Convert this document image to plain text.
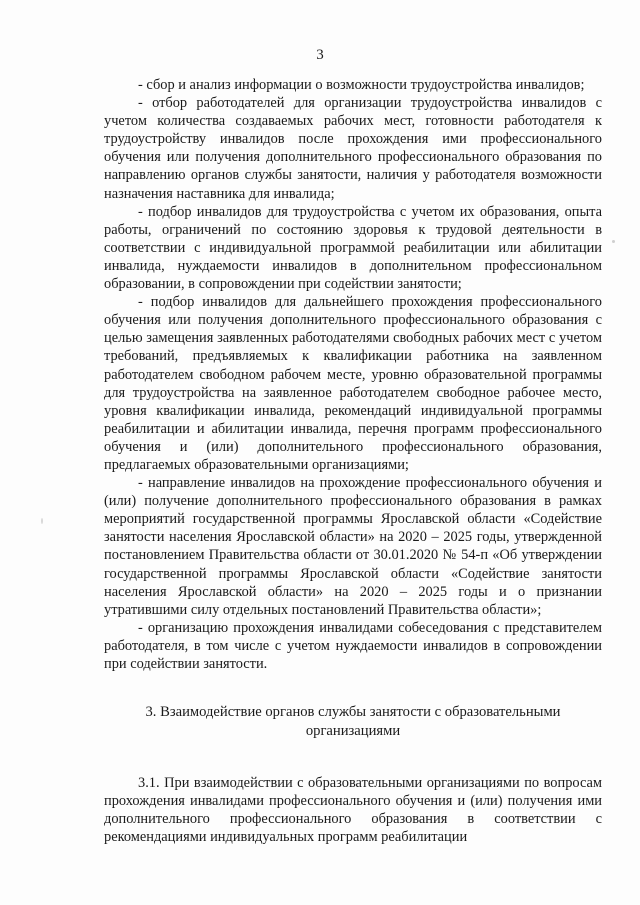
3

- сбор и анализ информации о возможности трудоустройства инвалидов;

- отбор работодателей для организации трудоустройства инвалидов с учетом количества создаваемых рабочих мест, готовности работодателя к трудоустройству инвалидов после прохождения ими профессионального обучения или получения дополнительного профессионального образования по направлению органов службы занятости, наличия у работодателя возможности назначения наставника для инвалида;

- подбор инвалидов для трудоустройства с учетом их образования, опыта работы, ограничений по состоянию здоровья к трудовой деятельности в соответствии с индивидуальной программой реабилитации или абилитации инвалида, нуждаемости инвалидов в дополнительном профессиональном образовании, в сопровождении при содействии занятости;

- подбор инвалидов для дальнейшего прохождения профессионального обучения или получения дополнительного профессионального образования с целью замещения заявленных работодателями свободных рабочих мест с учетом требований, предъявляемых к квалификации работника на заявленном работодателем свободном рабочем месте, уровню образовательной программы для трудоустройства на заявленное работодателем свободное рабочее место, уровня квалификации инвалида, рекомендаций индивидуальной программы реабилитации и абилитации инвалида, перечня программ профессионального обучения и (или) дополнительного профессионального образования, предлагаемых образовательными организациями;

- направление инвалидов на прохождение профессионального обучения и (или) получение дополнительного профессионального образования в рамках мероприятий государственной программы Ярославской области «Содействие занятости населения Ярославской области» на 2020 – 2025 годы, утвержденной постановлением Правительства области от 30.01.2020 № 54-п «Об утверждении государственной программы Ярославской области «Содействие занятости населения Ярославской области» на 2020 – 2025 годы и о признании утратившими силу отдельных постановлений Правительства области»;

- организацию прохождения инвалидами собеседования с представителем работодателя, в том числе с учетом нуждаемости инвалидов в сопровождении при содействии занятости.

3. Взаимодействие органов службы занятости с образовательными
организациями

3.1. При взаимодействии с образовательными организациями по вопросам прохождения инвалидами профессионального обучения и (или) получения ими дополнительного профессионального образования в соответствии с рекомендациями индивидуальных программ реабилитации
